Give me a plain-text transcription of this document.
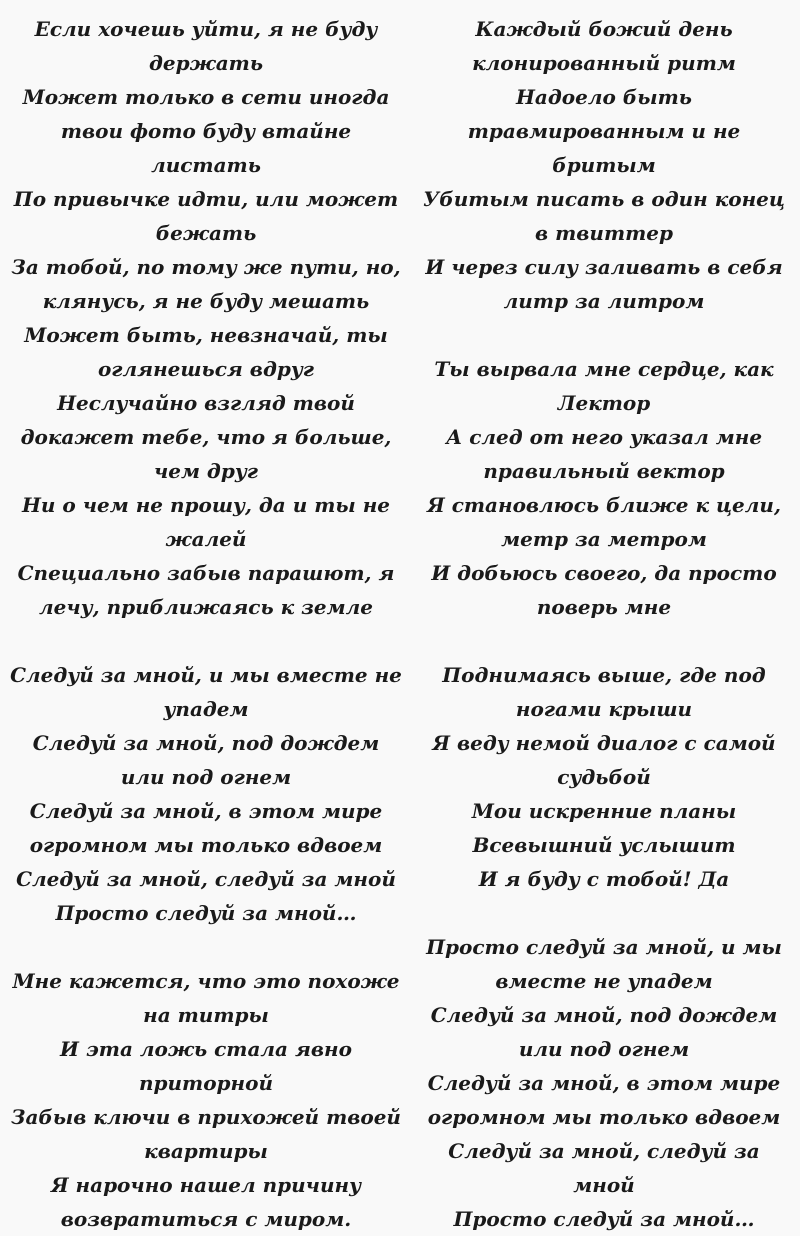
Если хочешь уйти, я не буду держать
Может только в сети иногда твои фото буду втайне листать
По привычке идти, или может бежать
За тобой, по тому же пути, но, клянусь, я не буду мешать
Может быть, невзначай, ты оглянешься вдруг
Неслучайно взгляд твой докажет тебе, что я больше, чем друг
Ни о чем не прошу, да и ты не жалей
Специально забыв парашют, я лечу, приближаясь к земле
Следуй за мной, и мы вместе не упадем
Следуй за мной, под дождем или под огнем
Следуй за мной, в этом мире огромном мы только вдвоем
Следуй за мной, следуй за мной
Просто следуй за мной…
Мне кажется, что это похоже на титры
И эта ложь стала явно приторной
Забыв ключи в прихожей твоей квартиры
Я нарочно нашел причину возвратиться с миром.
Каждый божий день клонированный ритм
Надоело быть травмированным и не бритым
Убитым писать в один конец в твиттер
И через силу заливать в себя литр за литром
Ты вырвала мне сердце, как Лектор
А след от него указал мне правильный вектор
Я становлюсь ближе к цели, метр за метром
И добьюсь своего, да просто поверь мне
Поднимаясь выше, где под ногами крыши
Я веду немой диалог с самой судьбой
Мои искренние планы Всевышний услышит
И я буду с тобой! Да
Просто следуй за мной, и мы вместе не упадем
Следуй за мной, под дождем или под огнем
Следуй за мной, в этом мире огромном мы только вдвоем
Следуй за мной, следуй за мной
Просто следуй за мной…
